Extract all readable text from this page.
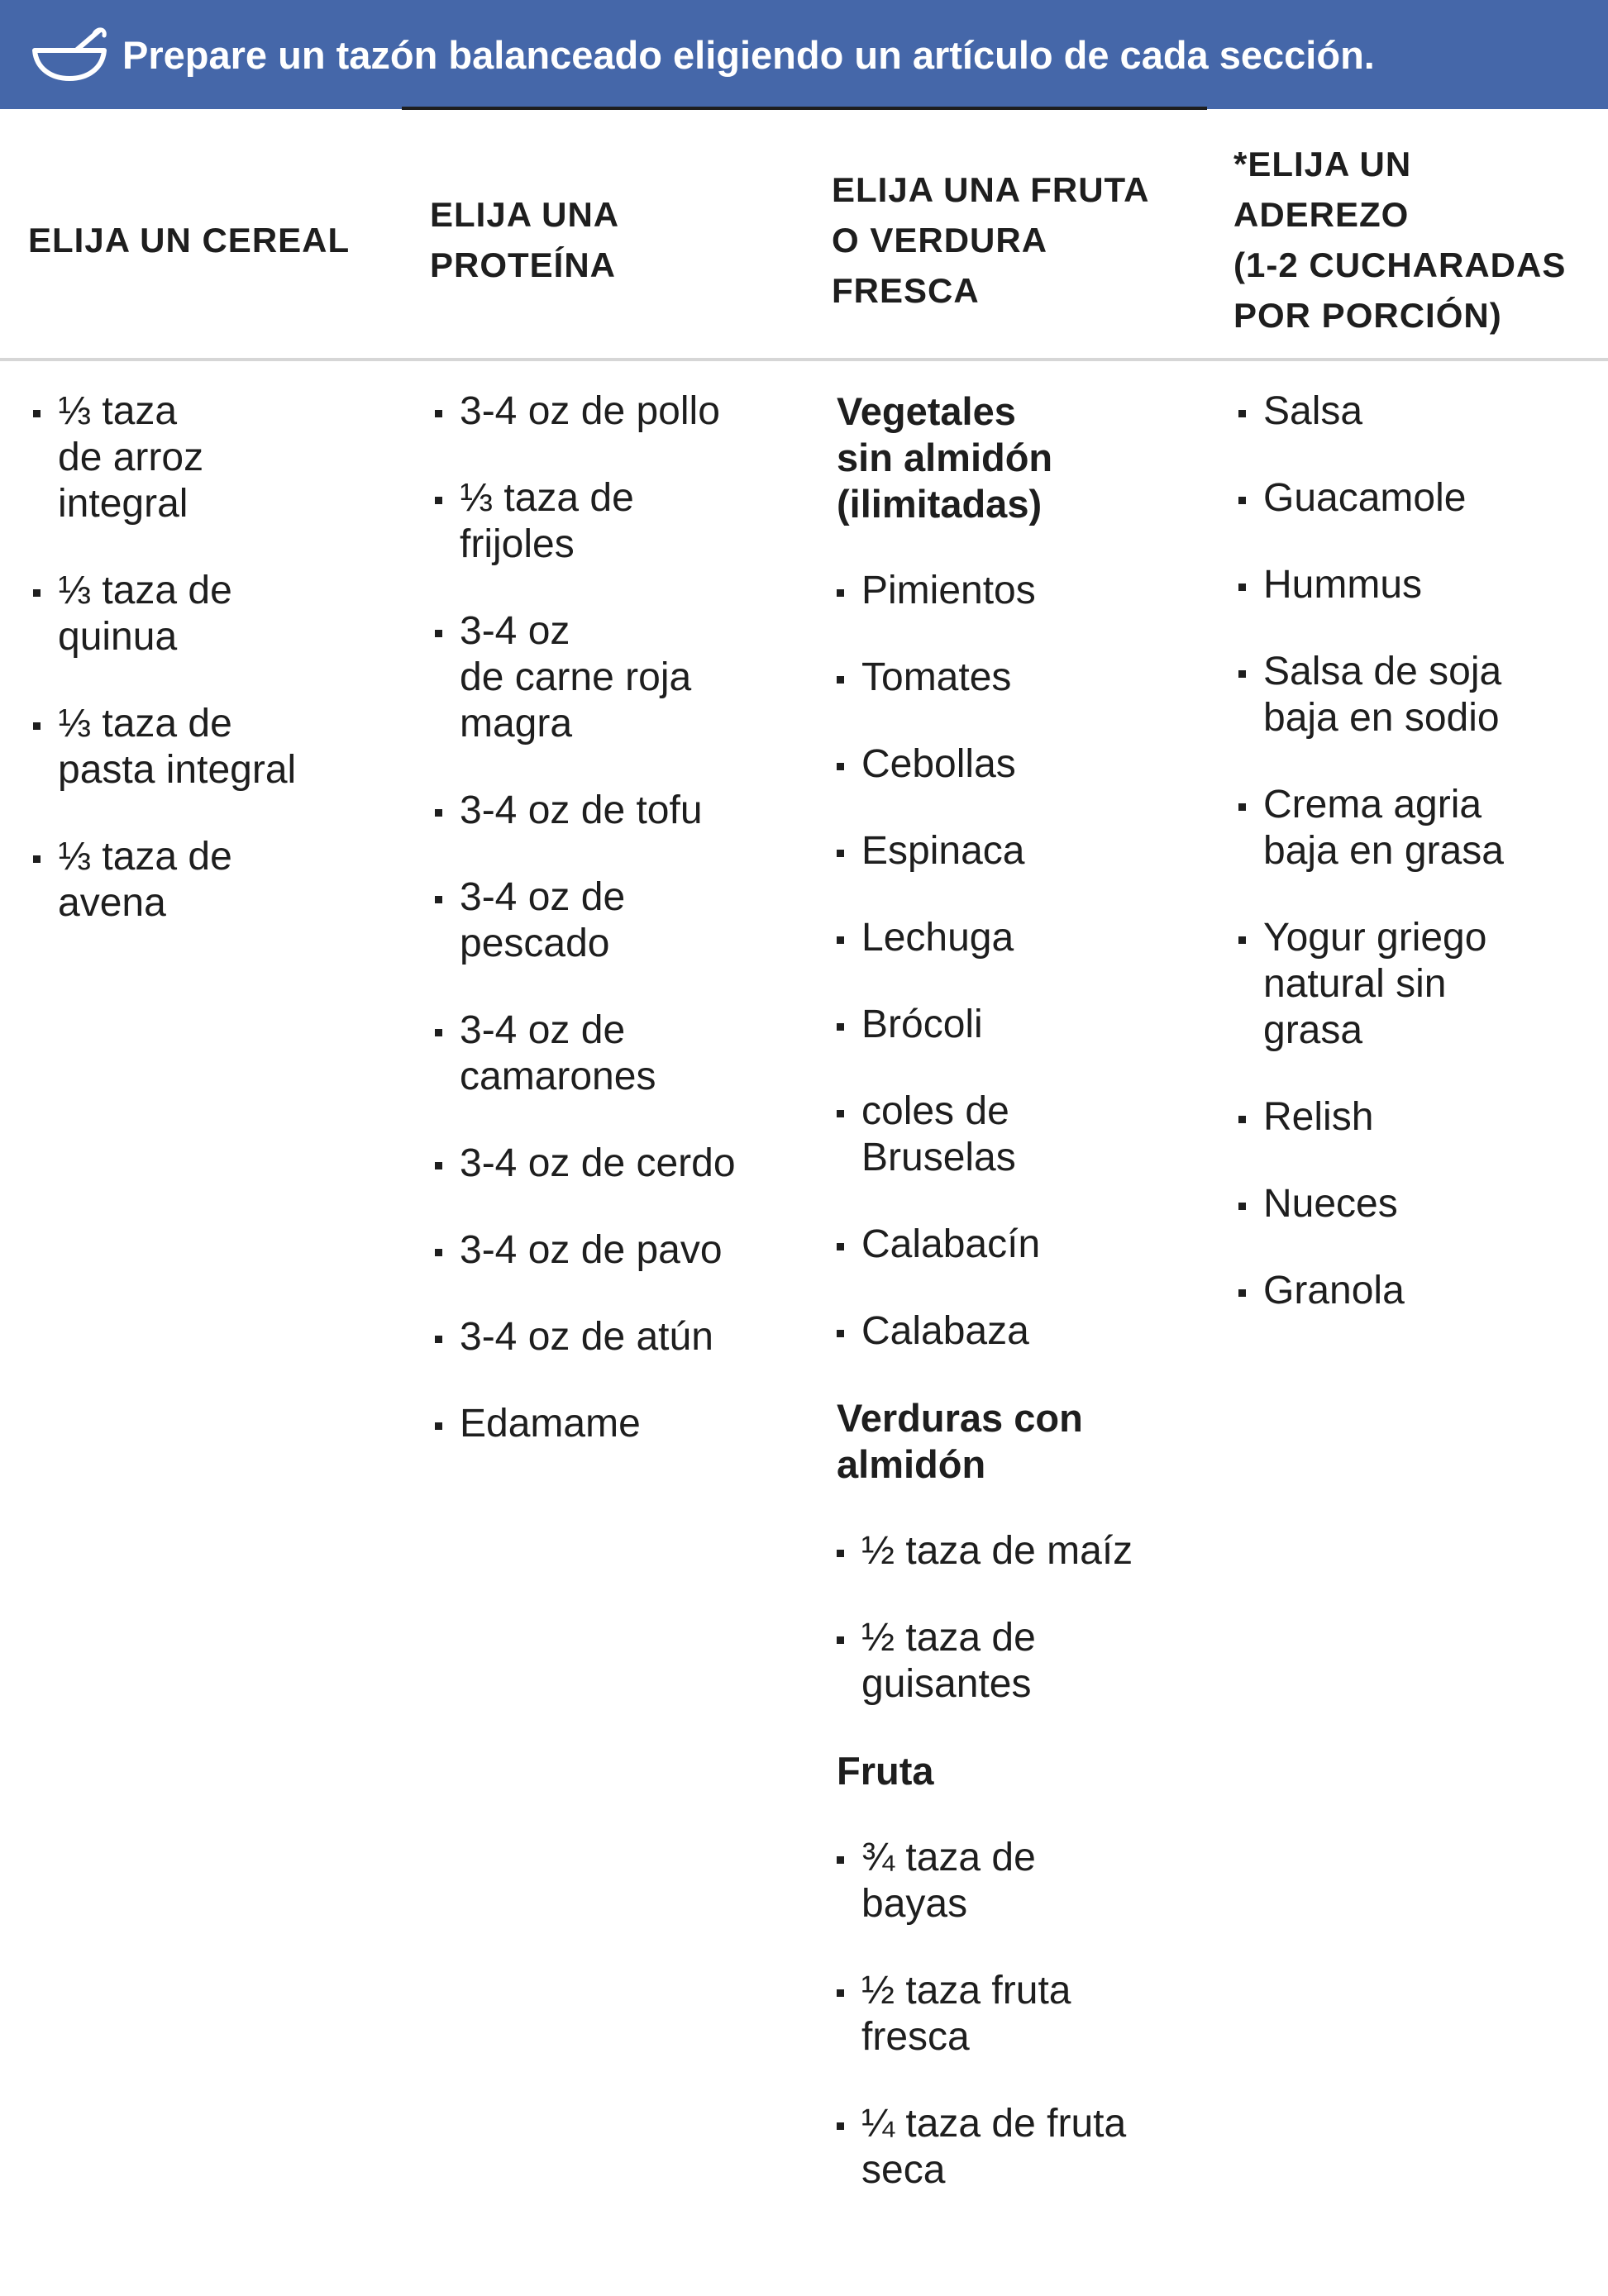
Prepare un tazón balanceado eligiendo un artículo de cada sección.
ELIJA UN CEREAL
ELIJA UNA
PROTEÍNA
ELIJA UNA FRUTA
O VERDURA
FRESCA
*ELIJA UN
ADEREZO
(1-2 CUCHARADAS
POR PORCIÓN)
⅓ taza
de arroz
integral
⅓ taza de
quinua
⅓ taza de
pasta integral
⅓ taza de
avena
3-4 oz de pollo
⅓ taza de
frijoles
3-4 oz
de carne roja
magra
3-4 oz de tofu
3-4 oz de
pescado
3-4 oz de
camarones
3-4 oz de cerdo
3-4 oz de pavo
3-4 oz de atún
Edamame
Vegetales
sin almidón
(ilimitadas)
Pimientos
Tomates
Cebollas
Espinaca
Lechuga
Brócoli
coles de
Bruselas
Calabacín
Calabaza
Verduras con
almidón
½ taza de maíz
½ taza de
guisantes
Fruta
¾ taza de
bayas
½ taza fruta
fresca
¼ taza de fruta
seca
Salsa
Guacamole
Hummus
Salsa de soja
baja en sodio
Crema agria
baja en grasa
Yogur griego
natural sin
grasa
Relish
Nueces
Granola
